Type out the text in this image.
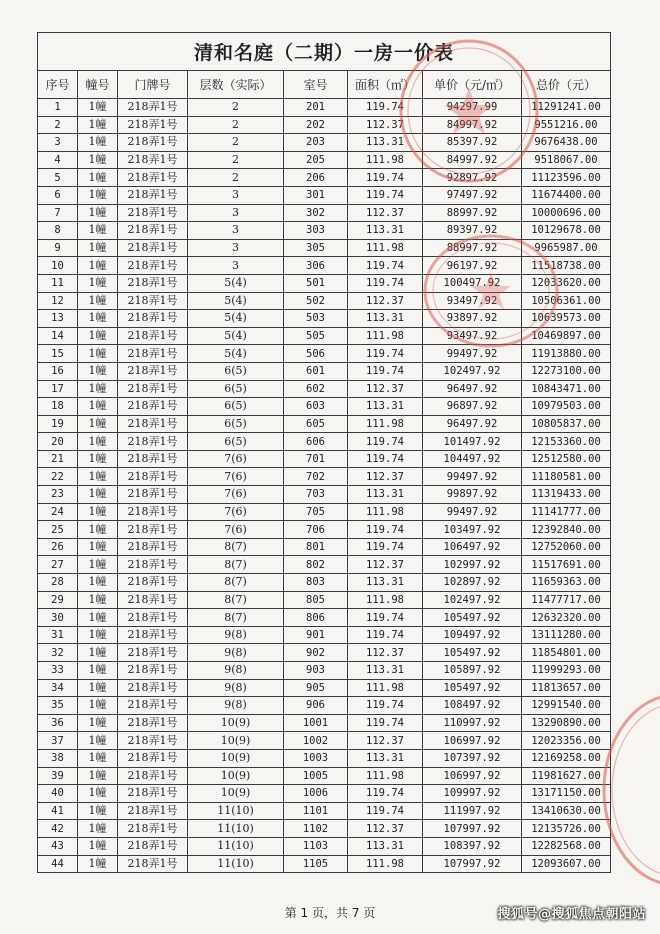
清和名庭（二期）一房一价表							
序号	幢号	门牌号	层数（实际）	室号	面积（㎡）	单价（元/㎡）	总价（元）
1	1幢	218弄1号	2	201	119.74	94297.99	11291241.00
2	1幢	218弄1号	2	202	112.37	84997.92	9551216.00
3	1幢	218弄1号	2	203	113.31	85397.92	9676438.00
4	1幢	218弄1号	2	205	111.98	84997.92	9518067.00
5	1幢	218弄1号	2	206	119.74	92897.92	11123596.00
6	1幢	218弄1号	3	301	119.74	97497.92	11674400.00
7	1幢	218弄1号	3	302	112.37	88997.92	10000696.00
8	1幢	218弄1号	3	303	113.31	89397.92	10129678.00
9	1幢	218弄1号	3	305	111.98	88997.92	9965987.00
10	1幢	218弄1号	3	306	119.74	96197.92	11518738.00
11	1幢	218弄1号	5(4)	501	119.74	100497.92	12033620.00
12	1幢	218弄1号	5(4)	502	112.37	93497.92	10506361.00
13	1幢	218弄1号	5(4)	503	113.31	93897.92	10639573.00
14	1幢	218弄1号	5(4)	505	111.98	93497.92	10469897.00
15	1幢	218弄1号	5(4)	506	119.74	99497.92	11913880.00
16	1幢	218弄1号	6(5)	601	119.74	102497.92	12273100.00
17	1幢	218弄1号	6(5)	602	112.37	96497.92	10843471.00
18	1幢	218弄1号	6(5)	603	113.31	96897.92	10979503.00
19	1幢	218弄1号	6(5)	605	111.98	96497.92	10805837.00
20	1幢	218弄1号	6(5)	606	119.74	101497.92	12153360.00
21	1幢	218弄1号	7(6)	701	119.74	104497.92	12512580.00
22	1幢	218弄1号	7(6)	702	112.37	99497.92	11180581.00
23	1幢	218弄1号	7(6)	703	113.31	99897.92	11319433.00
24	1幢	218弄1号	7(6)	705	111.98	99497.92	11141777.00
25	1幢	218弄1号	7(6)	706	119.74	103497.92	12392840.00
26	1幢	218弄1号	8(7)	801	119.74	106497.92	12752060.00
27	1幢	218弄1号	8(7)	802	112.37	102997.92	11517691.00
28	1幢	218弄1号	8(7)	803	113.31	102897.92	11659363.00
29	1幢	218弄1号	8(7)	805	111.98	102497.92	11477717.00
30	1幢	218弄1号	8(7)	806	119.74	105497.92	12632320.00
31	1幢	218弄1号	9(8)	901	119.74	109497.92	13111280.00
32	1幢	218弄1号	9(8)	902	112.37	105497.92	11854801.00
33	1幢	218弄1号	9(8)	903	113.31	105897.92	11999293.00
34	1幢	218弄1号	9(8)	905	111.98	105497.92	11813657.00
35	1幢	218弄1号	9(8)	906	119.74	108497.92	12991540.00
36	1幢	218弄1号	10(9)	1001	119.74	110997.92	13290890.00
37	1幢	218弄1号	10(9)	1002	112.37	106997.92	12023356.00
38	1幢	218弄1号	10(9)	1003	113.31	107397.92	12169258.00
39	1幢	218弄1号	10(9)	1005	111.98	106997.92	11981627.00
40	1幢	218弄1号	10(9)	1006	119.74	109997.92	13171150.00
41	1幢	218弄1号	11(10)	1101	119.74	111997.92	13410630.00
42	1幢	218弄1号	11(10)	1102	112.37	107997.92	12135726.00
43	1幢	218弄1号	11(10)	1103	113.31	108397.92	12282568.00
44	1幢	218弄1号	11(10)	1105	111.98	107997.92	12093607.00
第 1 页，共 7 页	搜狐号@搜狐焦点朝阳站
